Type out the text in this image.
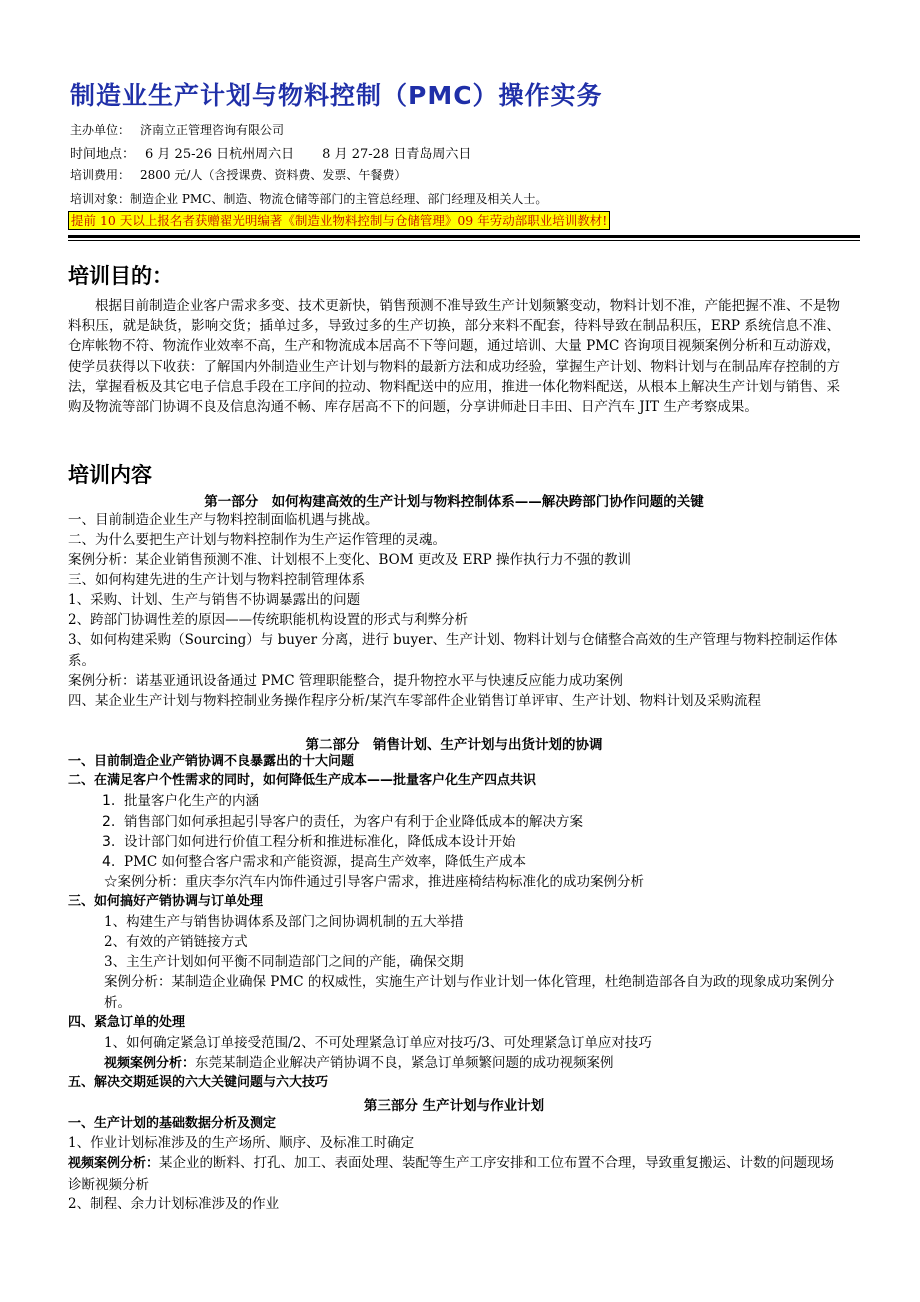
制造业生产计划与物料控制（PMC）操作实务
主办单位： 济南立正管理咨询有限公司
时间地点： 6 月 25-26 日杭州周六日 8 月 27-28 日青岛周六日
培训费用： 2800 元/人（含授课费、资料费、发票、午餐费）
培训对象：制造企业 PMC、制造、物流仓储等部门的主管总经理、部门经理及相关人士。
提前 10 天以上报名者获赠翟光明编著《制造业物料控制与仓储管理》09 年劳动部职业培训教材!
培训目的：
根据目前制造企业客户需求多变、技术更新快，销售预测不准导致生产计划频繁变动，物料计划不准，产能把握不准、不是物料积压，就是缺货，影响交货；插单过多，导致过多的生产切换，部分来料不配套，待料导致在制品积压，ERP 系统信息不准、仓库帐物不符、物流作业效率不高，生产和物流成本居高不下等问题，通过培训、大量 PMC 咨询项目视频案例分析和互动游戏，使学员获得以下收获：了解国内外制造业生产计划与物料的最新方法和成功经验，掌握生产计划、物料计划与在制品库存控制的方法，掌握看板及其它电子信息手段在工序间的拉动、物料配送中的应用，推进一体化物料配送，从根本上解决生产计划与销售、采购及物流等部门协调不良及信息沟通不畅、库存居高不下的问题，分享讲师赴日丰田、日产汽车 JIT 生产考察成果。
培训内容
第一部分　如何构建高效的生产计划与物料控制体系——解决跨部门协作问题的关键
一、目前制造企业生产与物料控制面临机遇与挑战。
二、为什么要把生产计划与物料控制作为生产运作管理的灵魂。
案例分析：某企业销售预测不准、计划根不上变化、BOM 更改及 ERP 操作执行力不强的教训
三、如何构建先进的生产计划与物料控制管理体系
1、采购、计划、生产与销售不协调暴露出的问题
2、跨部门协调性差的原因——传统职能机构设置的形式与利弊分析
3、如何构建采购（Sourcing）与 buyer 分离，进行 buyer、生产计划、物料计划与仓储整合高效的生产管理与物料控制运作体系。
案例分析：诺基亚通讯设备通过 PMC 管理职能整合，提升物控水平与快速反应能力成功案例
四、某企业生产计划与物料控制业务操作程序分析/某汽车零部件企业销售订单评审、生产计划、物料计划及采购流程
第二部分　销售计划、生产计划与出货计划的协调
一、目前制造企业产销协调不良暴露出的十大问题
二、在满足客户个性需求的同时，如何降低生产成本——批量客户化生产四点共识
1. 批量客户化生产的内涵
2. 销售部门如何承担起引导客户的责任，为客户有利于企业降低成本的解决方案
3. 设计部门如何进行价值工程分析和推进标准化，降低成本设计开始
4. PMC 如何整合客户需求和产能资源，提高生产效率，降低生产成本
☆案例分析：重庆李尔汽车内饰件通过引导客户需求，推进座椅结构标准化的成功案例分析
三、如何搞好产销协调与订单处理
1、构建生产与销售协调体系及部门之间协调机制的五大举措
2、有效的产销链接方式
3、主生产计划如何平衡不同制造部门之间的产能，确保交期
案例分析：某制造企业确保 PMC 的权威性，实施生产计划与作业计划一体化管理，杜绝制造部各自为政的现象成功案例分析。
四、紧急订单的处理
1、如何确定紧急订单接受范围/2、不可处理紧急订单应对技巧/3、可处理紧急订单应对技巧
视频案例分析：东莞某制造企业解决产销协调不良，紧急订单频繁问题的成功视频案例
五、解决交期延误的六大关键问题与六大技巧
第三部分 生产计划与作业计划
一、生产计划的基础数据分析及测定
1、作业计划标准涉及的生产场所、顺序、及标准工时确定
视频案例分析：某企业的断料、打孔、加工、表面处理、装配等生产工序安排和工位布置不合理，导致重复搬运、计数的问题现场诊断视频分析
2、制程、余力计划标准涉及的作业
